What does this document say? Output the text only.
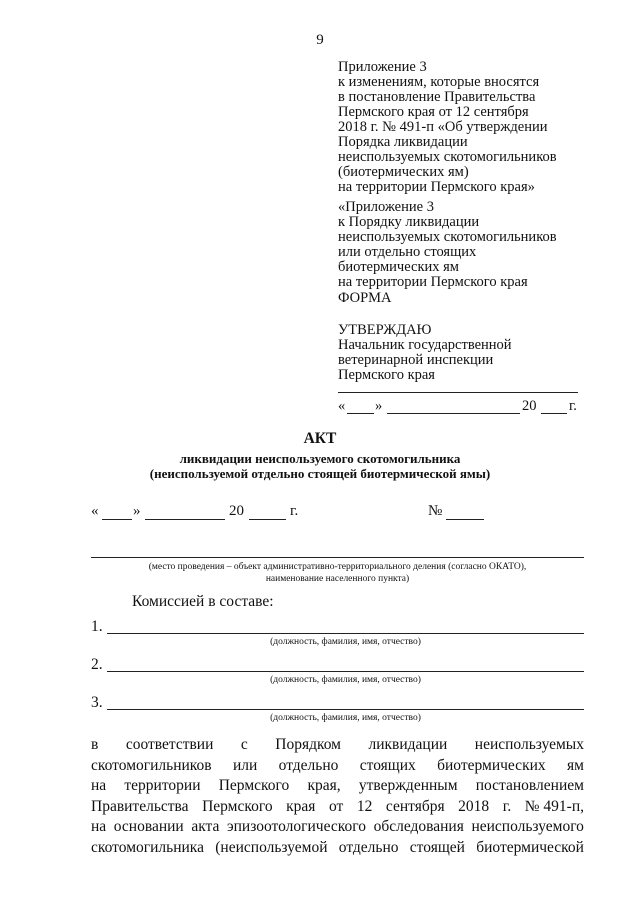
9
Приложение 3
к изменениям, которые вносятся
в постановление Правительства
Пермского края от 12 сентября
2018 г. № 491-п «Об утверждении
Порядка ликвидации
неиспользуемых скотомогильников
(биотермических ям)
на территории Пермского края»
«Приложение 3
к Порядку ликвидации
неиспользуемых скотомогильников
или отдельно стоящих
биотермических ям
на территории Пермского края
ФОРМА
УТВЕРЖДАЮ
Начальник государственной
ветеринарной инспекции
Пермского края
« »	20 г.
АКТ
ликвидации неиспользуемого скотомогильника
(неиспользуемой отдельно стоящей биотермической ямы)
« »	20	г.	№
(место проведения – объект административно-территориального деления (согласно ОКАТО),
наименование населенного пункта)
Комиссией в составе:
1.
(должность, фамилия, имя, отчество)
2.
(должность, фамилия, имя, отчество)
3.
(должность, фамилия, имя, отчество)
в соответствии с Порядком ликвидации неиспользуемых
скотомогильников или отдельно стоящих биотермических ям
на территории Пермского края, утвержденным постановлением
Правительства Пермского края от 12 сентября 2018 г. № 491-п,
на основании акта эпизоотологического обследования неиспользуемого
скотомогильника (неиспользуемой отдельно стоящей биотермической
